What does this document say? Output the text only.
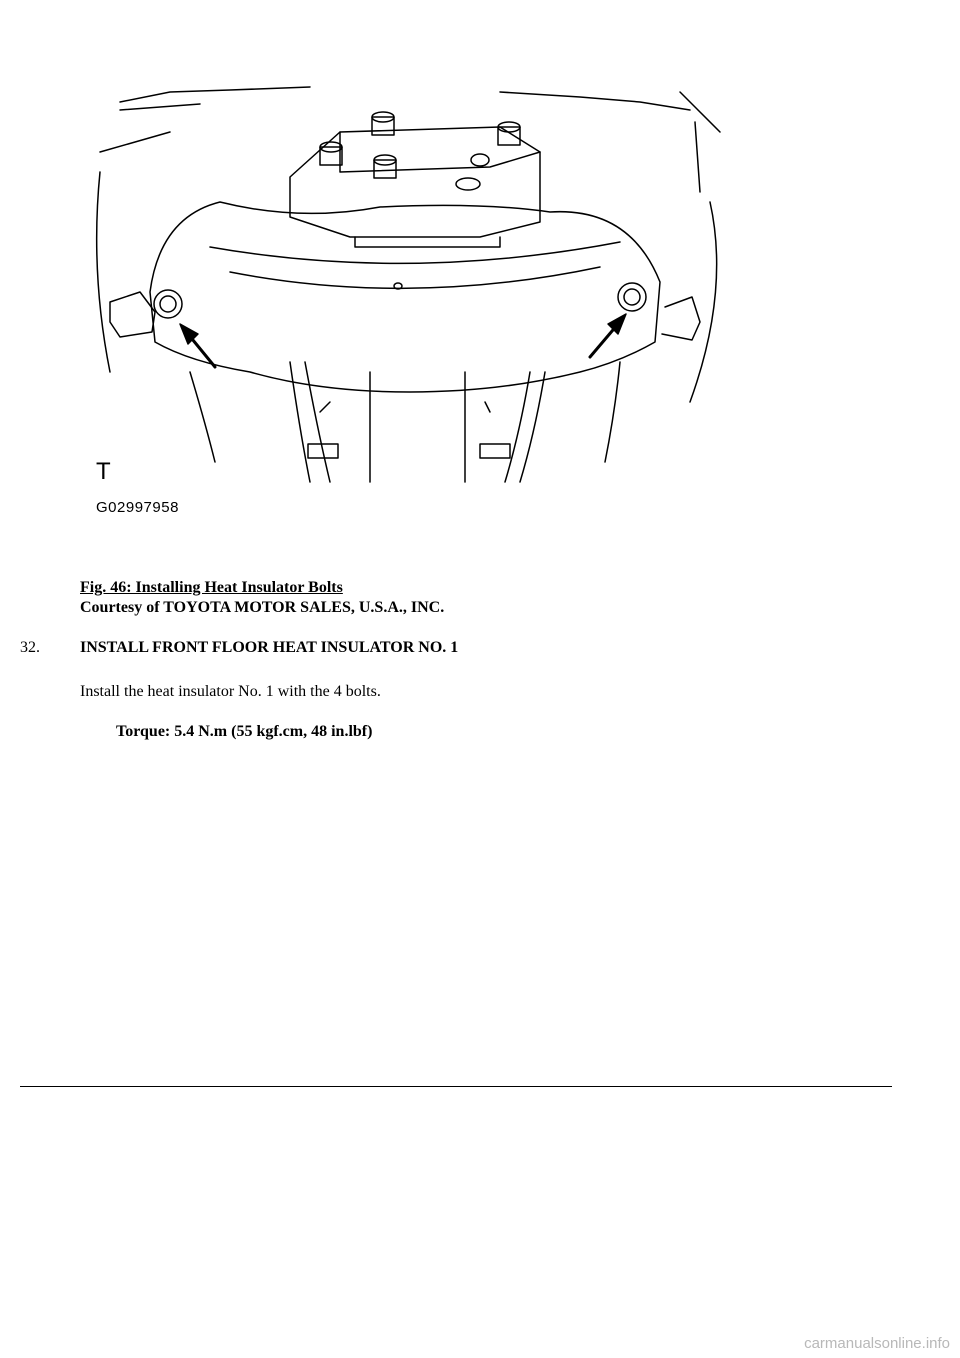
T
G02997958
Fig. 46: Installing Heat Insulator Bolts
Courtesy of TOYOTA MOTOR SALES, U.S.A., INC.
32.	INSTALL FRONT FLOOR HEAT INSULATOR NO. 1
Install the heat insulator No. 1 with the 4 bolts.
Torque: 5.4 N.m (55 kgf.cm, 48 in.lbf)
carmanualsonline.info
